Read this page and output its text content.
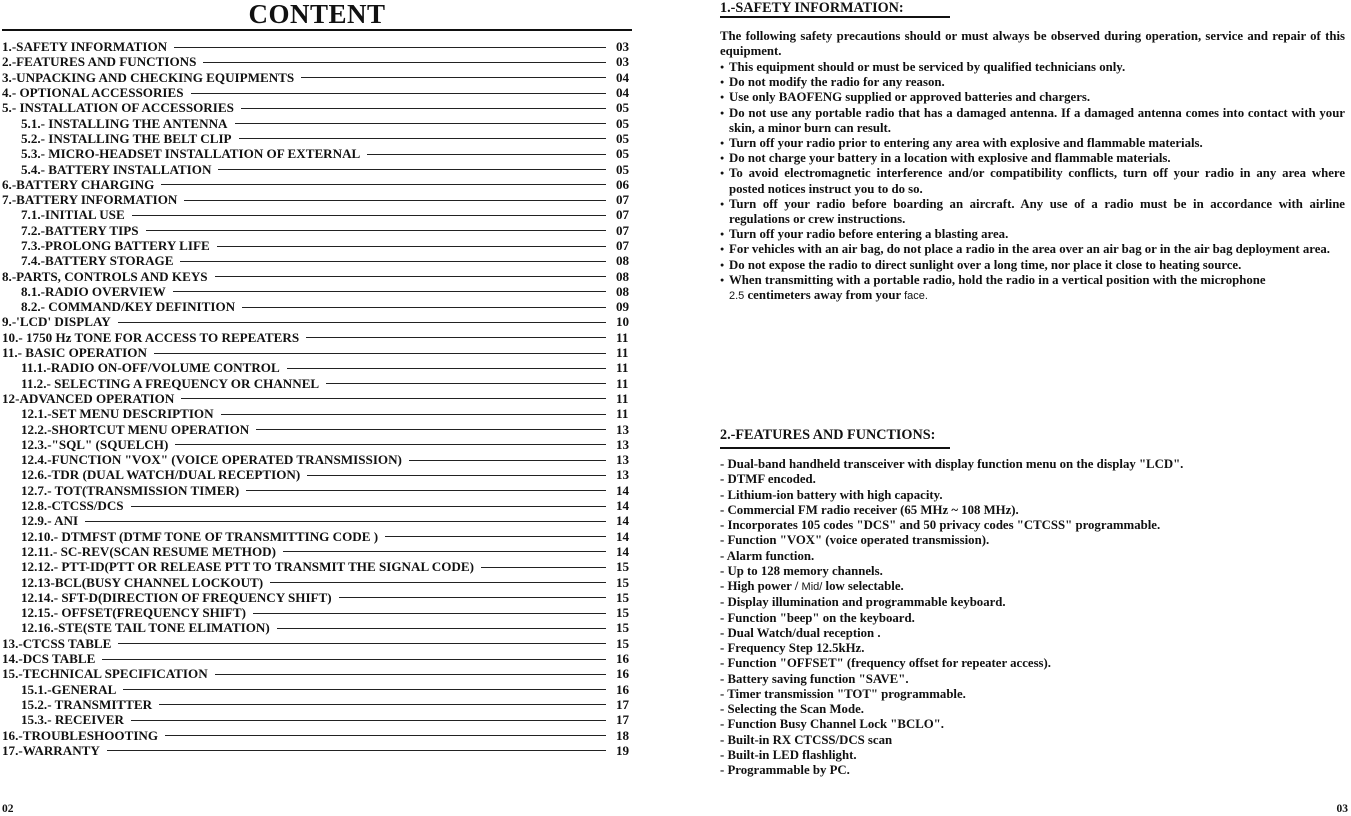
CONTENT
1.-SAFETY INFORMATION	03
2.-FEATURES AND FUNCTIONS	03
3.-UNPACKING AND CHECKING EQUIPMENTS	04
4.- OPTIONAL ACCESSORIES	04
5.- INSTALLATION OF ACCESSORIES	05
5.1.- INSTALLING THE ANTENNA	05
5.2.- INSTALLING THE BELT CLIP	05
5.3.- MICRO-HEADSET INSTALLATION OF EXTERNAL	05
5.4.- BATTERY INSTALLATION	05
6.-BATTERY CHARGING	06
7.-BATTERY INFORMATION	07
7.1.-INITIAL USE	07
7.2.-BATTERY TIPS	07
7.3.-PROLONG BATTERY LIFE	07
7.4.-BATTERY STORAGE	08
8.-PARTS, CONTROLS AND KEYS	08
8.1.-RADIO OVERVIEW	08
8.2.- COMMAND/KEY DEFINITION	09
9.-'LCD' DISPLAY	10
10.- 1750 Hz TONE FOR ACCESS TO REPEATERS	11
11.- BASIC OPERATION	11
11.1.-RADIO ON-OFF/VOLUME CONTROL	11
11.2.- SELECTING A FREQUENCY OR CHANNEL	11
12-ADVANCED OPERATION	11
12.1.-SET MENU DESCRIPTION	11
12.2.-SHORTCUT MENU OPERATION	13
12.3.-"SQL" (SQUELCH)	13
12.4.-FUNCTION "VOX" (VOICE OPERATED TRANSMISSION)	13
12.6.-TDR (DUAL WATCH/DUAL RECEPTION)	13
12.7.- TOT(TRANSMISSION TIMER)	14
12.8.-CTCSS/DCS	14
12.9.- ANI	14
12.10.- DTMFST (DTMF TONE OF TRANSMITTING CODE )	14
12.11.- SC-REV(SCAN RESUME METHOD)	14
12.12.- PTT-ID(PTT OR RELEASE PTT TO TRANSMIT THE SIGNAL CODE)	15
12.13-BCL(BUSY CHANNEL LOCKOUT)	15
12.14.- SFT-D(DIRECTION OF FREQUENCY SHIFT)	15
12.15.- OFFSET(FREQUENCY SHIFT)	15
12.16.-STE(STE TAIL TONE ELIMATION)	15
13.-CTCSS TABLE	15
14.-DCS TABLE	16
15.-TECHNICAL SPECIFICATION	16
15.1.-GENERAL	16
15.2.- TRANSMITTER	17
15.3.- RECEIVER	17
16.-TROUBLESHOOTING	18
17.-WARRANTY	19
02
1.-SAFETY INFORMATION:

The following safety precautions should or must always be observed during operation, service and repair of this equipment.

● This equipment should or must be serviced by qualified technicians only.
● Do not modify the radio for any reason.
● Use only BAOFENG supplied or approved batteries and chargers.
● Do not use any portable radio that has a damaged antenna. If a damaged antenna comes into contact with your skin, a minor burn can result.
● Turn off your radio prior to entering any area with explosive and flammable materials.
● Do not charge your battery in a location with explosive and flammable materials.
● To avoid electromagnetic interference and/or compatibility conflicts, turn off your radio in any area where posted notices instruct you to do so.
● Turn off your radio before boarding an aircraft. Any use of a radio must be in accordance with airline regulations or crew instructions.
● Turn off your radio before entering a blasting area.
● For vehicles with an air bag, do not place a radio in the area over an air bag or in the air bag deployment area.
● Do not expose the radio to direct sunlight over a long time, nor place it close to heating source.
● When transmitting with a portable radio, hold the radio in a vertical position with the microphone
2.5 centimeters away from your face.
2.-FEATURES AND FUNCTIONS:
- Dual-band handheld transceiver with display function menu on the display "LCD".
- DTMF encoded.
- Lithium-ion battery with high capacity.
- Commercial FM radio receiver (65 MHz ~ 108 MHz).
- Incorporates 105 codes "DCS" and 50 privacy codes "CTCSS" programmable.
- Function "VOX" (voice operated transmission).
- Alarm function.
- Up to 128 memory channels.
- High power / Mid/ low selectable.
- Display illumination and programmable keyboard.
- Function "beep" on the keyboard.
- Dual Watch/dual reception .
- Frequency Step 12.5kHz.
- Function "OFFSET" (frequency offset for repeater access).
- Battery saving function "SAVE".
- Timer transmission "TOT" programmable.
- Selecting the Scan Mode.
- Function Busy Channel Lock "BCLO".
- Built-in RX CTCSS/DCS scan
- Built-in LED flashlight.
- Programmable by PC.
03
